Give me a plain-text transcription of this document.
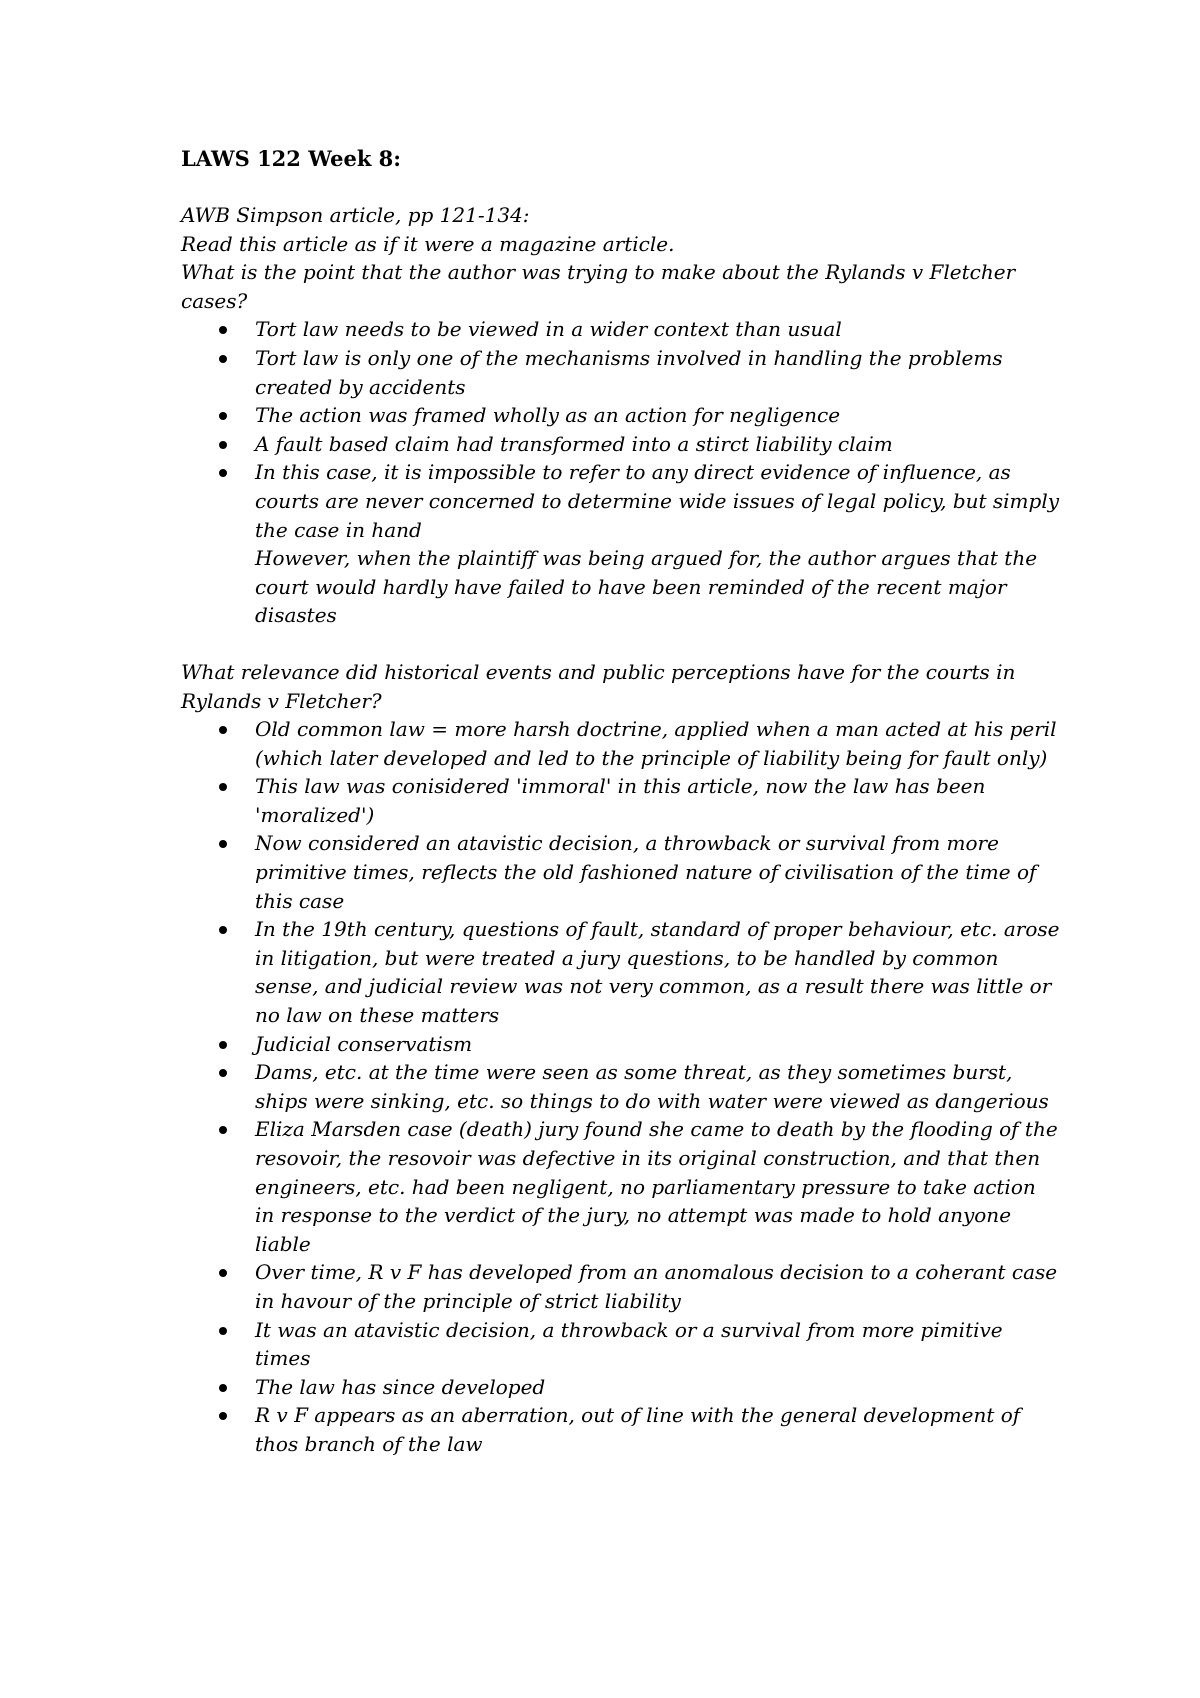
LAWS 122 Week 8:

AWB Simpson article, pp 121-134:

Read this article as if it were a magazine article.

What is the point that the author was trying to make about the Rylands v Fletcher cases?

Tort law needs to be viewed in a wider context than usual
Tort law is only one of the mechanisms involved in handling the problems created by accidents
The action was framed wholly as an action for negligence
A fault based claim had transformed into a stirct liability claim
In this case, it is impossible to refer to any direct evidence of influence, as courts are never concerned to determine wide issues of legal policy, but simply the case in hand
However, when the plaintiff was being argued for, the author argues that the court would hardly have failed to have been reminded of the recent major disastes

What relevance did historical events and public perceptions have for the courts in Rylands v Fletcher?

Old common law = more harsh doctrine, applied when a man acted at his peril (which later developed and led to the principle of liability being for fault only)
This law was conisidered 'immoral' in this article, now the law has been 'moralized')
Now considered an atavistic decision, a throwback or survival from more primitive times, reflects the old fashioned nature of civilisation of the time of this case
In the 19th century, questions of fault, standard of proper behaviour, etc. arose in litigation, but were treated a jury questions, to be handled by common sense, and judicial review was not very common, as a result there was little or no law on these matters
Judicial conservatism
Dams, etc. at the time were seen as some threat, as they sometimes burst, ships were sinking, etc. so things to do with water were viewed as dangerious
Eliza Marsden case (death) jury found she came to death by the flooding of the resovoir, the resovoir was defective in its original construction, and that then engineers, etc. had been negligent, no parliamentary pressure to take action in response to the verdict of the jury, no attempt was made to hold anyone liable
Over time, R v F has developed from an anomalous decision to a coherant case in havour of the principle of strict liability
It was an atavistic decision, a throwback or a survival from more pimitive times
The law has since developed
R v F appears as an aberration, out of line with the general development of thos branch of the law
